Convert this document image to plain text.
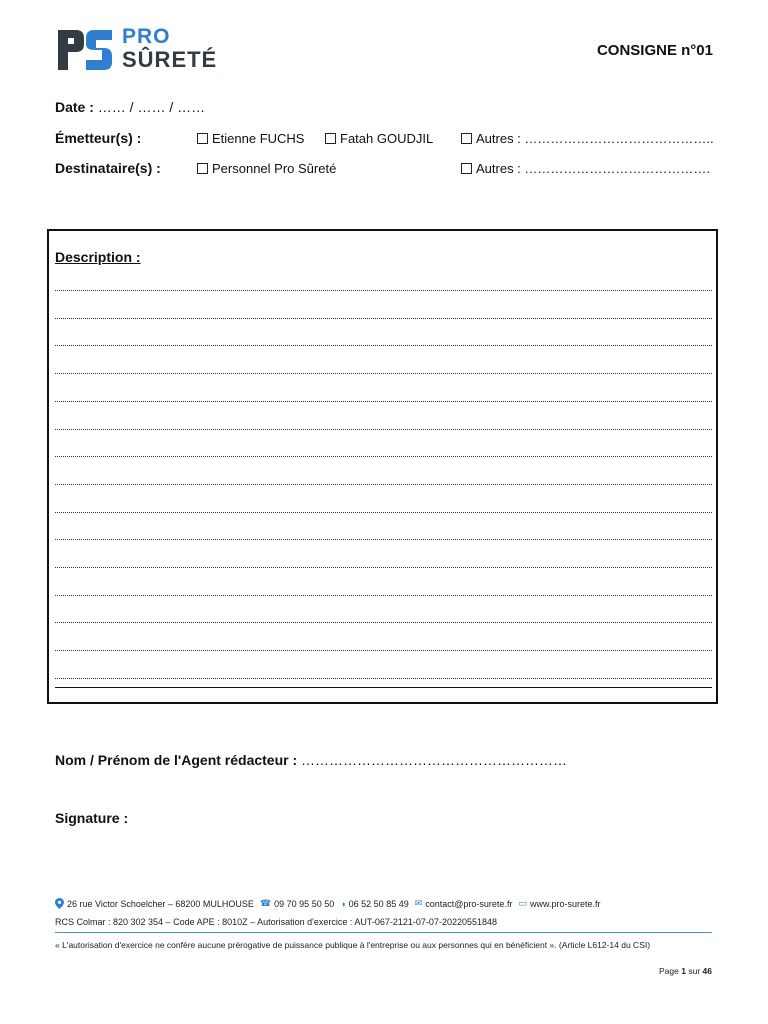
PRO
SÛRETÉ	CONSIGNE n°01
Date : …… / …… / ……
Émetteur(s) :	Etienne FUCHS	Fatah GOUDJIL	Autres : ……………………………………..
Destinataire(s) :	Personnel Pro Sûreté	Autres : …………………………………….
Description :
Nom / Prénom de l'Agent rédacteur : …………………………………………………
Signature :
26 rue Victor Schoelcher – 68200 MULHOUSE ☎ 09 70 95 50 50 ◑ 06 52 50 85 49 ✉ contact@pro-surete.fr ▭ www.pro-surete.fr
RCS Colmar : 820 302 354 – Code APE : 8010Z – Autorisation d'exercice : AUT-067-2121-07-07-20220551848
« L'autorisation d'exercice ne confère aucune prérogative de puissance publique à l'entreprise ou aux personnes qui en bénéficient ». (Article L612-14 du CSI)
Page 1 sur 46
